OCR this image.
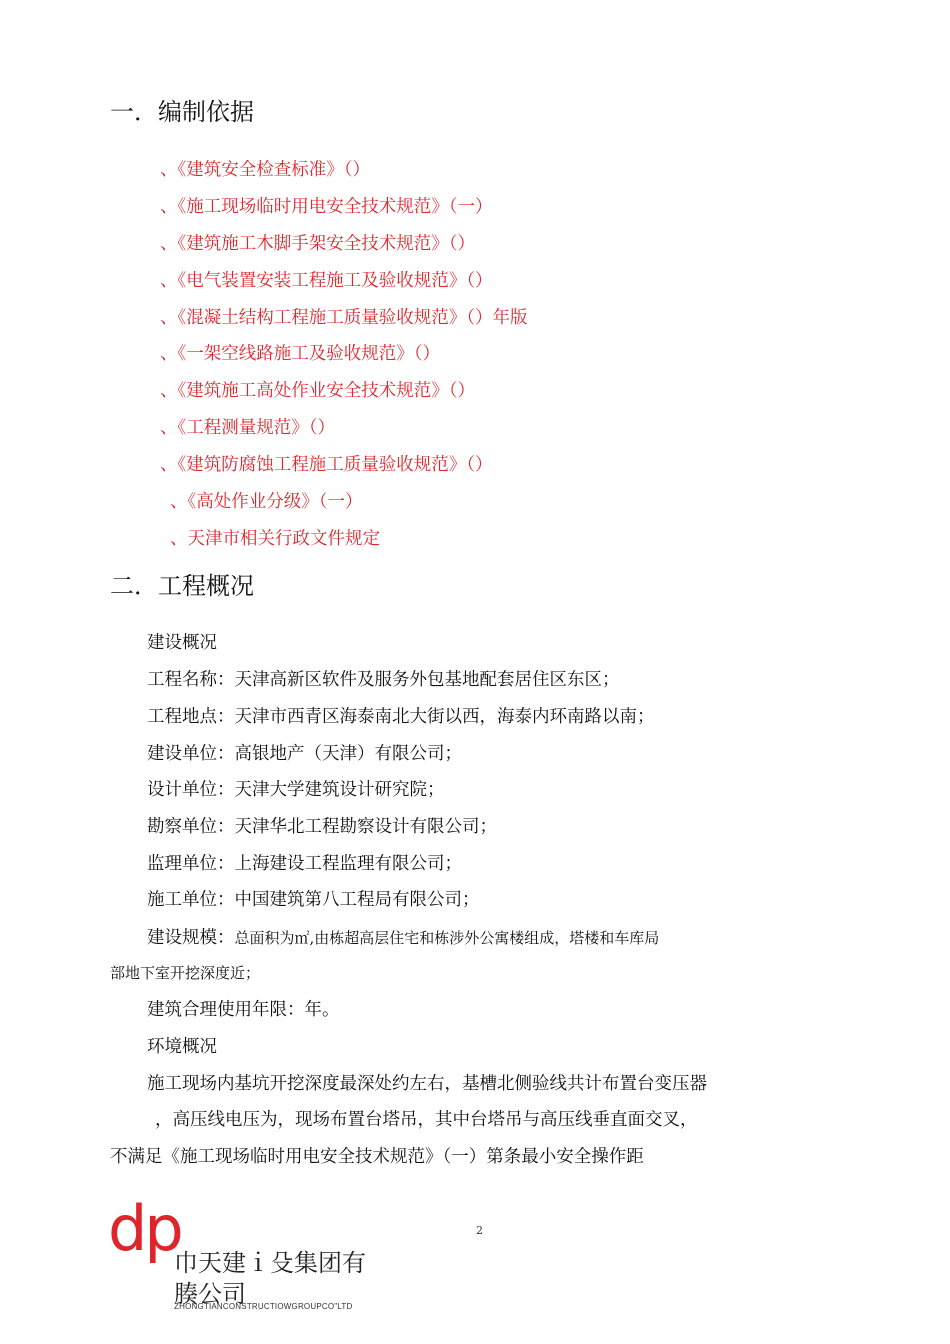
一．编制依据

、《建筑安全检查标准》（）

、《施工现场临时用电安全技术规范》（一）

、《建筑施工木脚手架安全技术规范》（）

、《电气装置安装工程施工及验收规范》（）

、《混凝土结构工程施工质量验收规范》（）年版

、《一架空线路施工及验收规范》（）

、《建筑施工高处作业安全技术规范》（）

、《工程测量规范》（）

、《建筑防腐蚀工程施工质量验收规范》（）

、《高处作业分级》（一）

、天津市相关行政文件规定

二．工程概况

建设概况

工程名称：天津高新区软件及服务外包基地配套居住区东区；

工程地点：天津市西青区海泰南北大街以西，海泰内环南路以南；

建设单位：高银地产（天津）有限公司；

设计单位：天津大学建筑设计研究院；

勘察单位：天津华北工程勘察设计有限公司；

监理单位：上海建设工程监理有限公司；

施工单位：中国建筑第八工程局有限公司；

建设规模：总面积为㎡,由栋超高层住宅和栋涉外公寓楼组成，塔楼和车库局

部地下室开挖深度近；

建筑合理使用年限：年。

环境概况

施工现场内基坑开挖深度最深处约左右，基槽北侧验线共计布置台变压器

，高压线电压为，现场布置台塔吊，其中台塔吊与高压线垂直面交叉，

不满足《施工现场临时用电安全技术规范》（一）第条最小安全操作距

2
dp
巾天建ｉ殳集团有
腠公司
ZHONGTIANCONSTRUCTIOWGROUPCO"LTD
